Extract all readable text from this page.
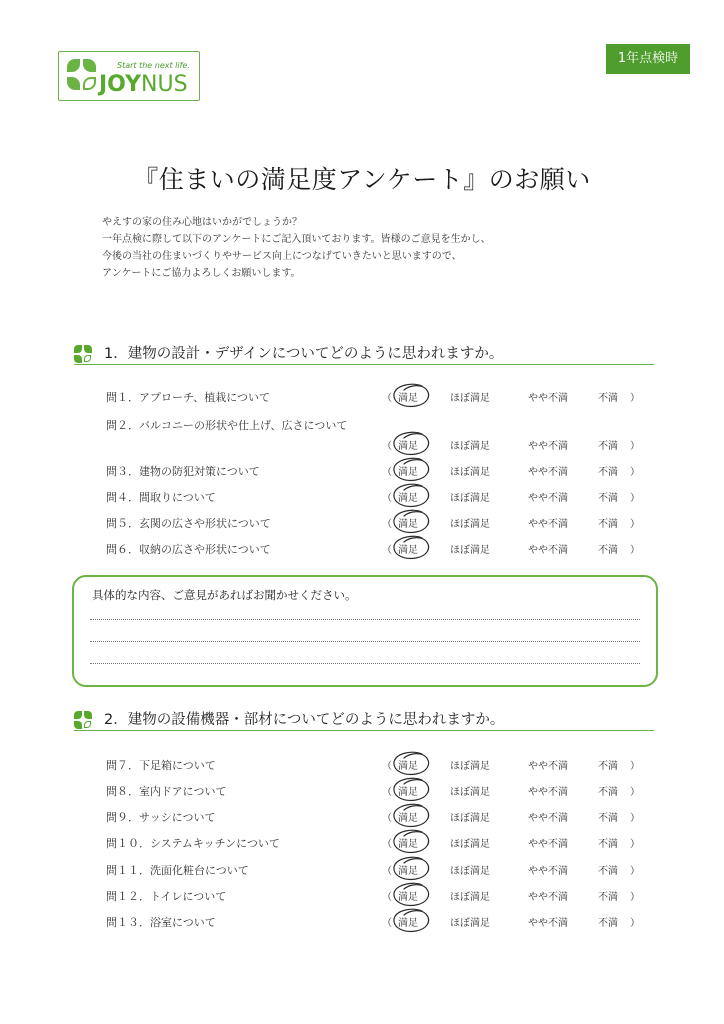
Start the next life.
JOYNUS
1年点検時
『住まいの満足度アンケート』のお願い
やえすの家の住み心地はいかがでしょうか？
一年点検に際して以下のアンケートにご記入頂いております。皆様のご意見を生かし、
今後の当社の住まいづくりやサービス向上につなげていきたいと思いますので、
アンケートにご協力よろしくお願いします。
1．建物の設計・デザインについてどのように思われますか。
問１．アプローチ、植栽について	（ 満足	ほぼ満足	やや不満	不満 ）
問２．バルコニーの形状や仕上げ、広さについて
（ 満足	ほぼ満足	やや不満	不満 ）
問３．建物の防犯対策について	（ 満足	ほぼ満足	やや不満	不満 ）
問４．間取りについて	（ 満足	ほぼ満足	やや不満	不満 ）
問５．玄関の広さや形状について	（ 満足	ほぼ満足	やや不満	不満 ）
問６．収納の広さや形状について	（ 満足	ほぼ満足	やや不満	不満 ）
具体的な内容、ご意見があればお聞かせください。
2．建物の設備機器・部材についてどのように思われますか。
問７．下足箱について	（ 満足	ほぼ満足	やや不満	不満 ）
問８．室内ドアについて	（ 満足	ほぼ満足	やや不満	不満 ）
問９．サッシについて	（ 満足	ほぼ満足	やや不満	不満 ）
問１０．システムキッチンについて	（ 満足	ほぼ満足	やや不満	不満 ）
問１１．洗面化粧台について	（ 満足	ほぼ満足	やや不満	不満 ）
問１２．トイレについて	（ 満足	ほぼ満足	やや不満	不満 ）
問１３．浴室について	（ 満足	ほぼ満足	やや不満	不満 ）
